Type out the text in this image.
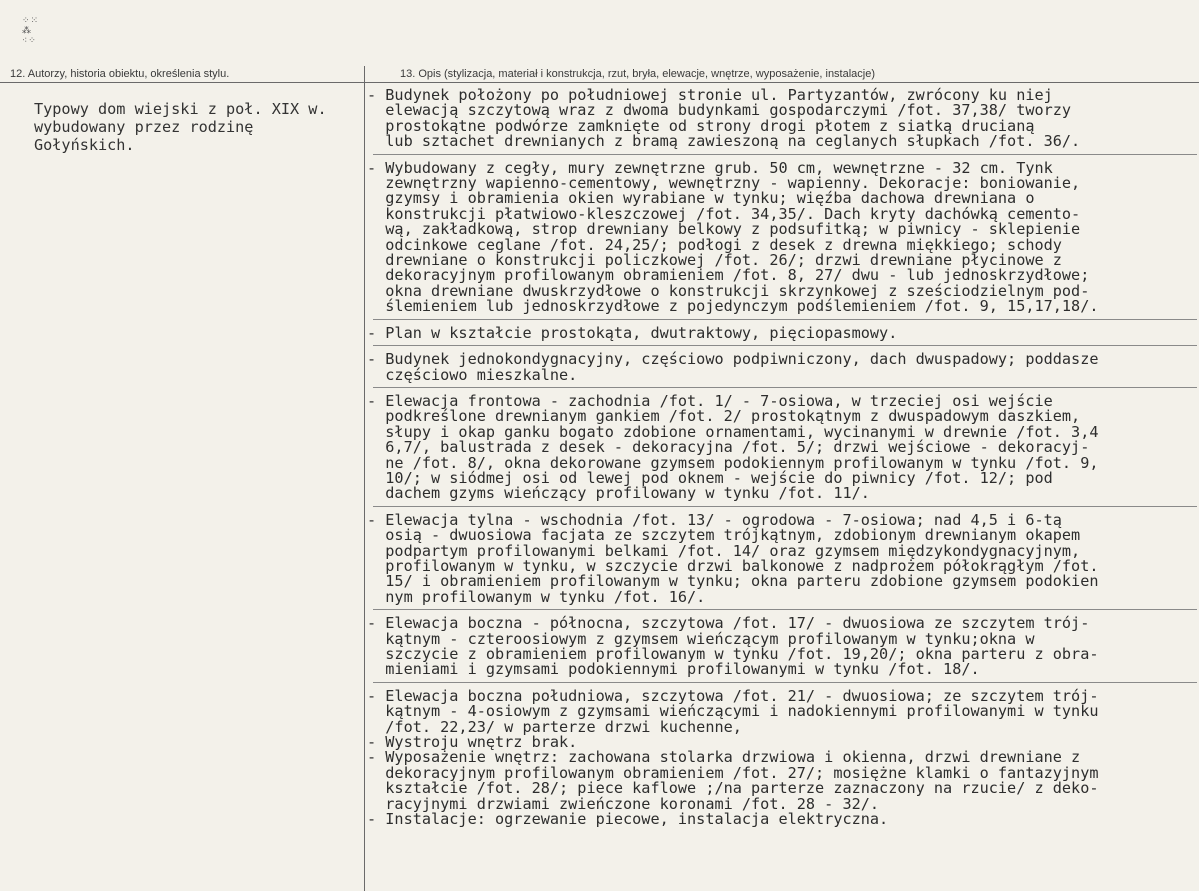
⁘⁙
⁂
⁖⁘
12. Autorzy, historia obiektu, określenia stylu.	13. Opis (stylizacja, materiał i konstrukcja, rzut, bryła, elewacje, wnętrze, wyposażenie, instalacje)
Typowy dom wiejski z poł. XIX w.
wybudowany przez rodzinę
Gołyńskich.

- Budynek położony po południowej stronie ul. Partyzantów, zwrócony ku niej
elewacją szczytową wraz z dwoma budynkami gospodarczymi /fot. 37,38/ tworzy
prostokątne podwórze zamknięte od strony drogi płotem z siatką drucianą
lub sztachet drewnianych z bramą zawieszoną na ceglanych słupkach /fot. 36/.

- Wybudowany z cegły, mury zewnętrzne grub. 50 cm, wewnętrzne - 32 cm. Tynk
zewnętrzny wapienno-cementowy, wewnętrzny - wapienny. Dekoracje: boniowanie,
gzymsy i obramienia okien wyrabiane w tynku; więźba dachowa drewniana o
konstrukcji płatwiowo-kleszczowej /fot. 34,35/. Dach kryty dachówką cemento-
wą, zakładkową, strop drewniany belkowy z podsufitką; w piwnicy - sklepienie
odcinkowe ceglane /fot. 24,25/; podłogi z desek z drewna miękkiego; schody
drewniane o konstrukcji policzkowej /fot. 26/; drzwi drewniane płycinowe z
dekoracyjnym profilowanym obramieniem /fot. 8, 27/ dwu - lub jednoskrzydłowe;
okna drewniane dwuskrzydłowe o konstrukcji skrzynkowej z sześciodzielnym pod-
ślemieniem lub jednoskrzydłowe z pojedynczym podślemieniem /fot. 9, 15,17,18/.

- Plan w kształcie prostokąta, dwutraktowy, pięciopasmowy.

- Budynek jednokondygnacyjny, częściowo podpiwniczony, dach dwuspadowy; poddasze
częściowo mieszkalne.

- Elewacja frontowa - zachodnia /fot. 1/ - 7-osiowa, w trzeciej osi wejście
podkreślone drewnianym gankiem /fot. 2/ prostokątnym z dwuspadowym daszkiem,
słupy i okap ganku bogato zdobione ornamentami, wycinanymi w drewnie /fot. 3,4
6,7/, balustrada z desek - dekoracyjna /fot. 5/; drzwi wejściowe - dekoracyj-
ne /fot. 8/, okna dekorowane gzymsem podokiennym profilowanym w tynku /fot. 9,
10/; w siódmej osi od lewej pod oknem - wejście do piwnicy /fot. 12/; pod
dachem gzyms wieńczący profilowany w tynku /fot. 11/.

- Elewacja tylna - wschodnia /fot. 13/ - ogrodowa - 7-osiowa; nad 4,5 i 6-tą
osią - dwuosiowa facjata ze szczytem trójkątnym, zdobionym drewnianym okapem
podpartym profilowanymi belkami /fot. 14/ oraz gzymsem międzykondygnacyjnym,
profilowanym w tynku, w szczycie drzwi balkonowe z nadprożem półokrągłym /fot.
15/ i obramieniem profilowanym w tynku; okna parteru zdobione gzymsem podokien
nym profilowanym w tynku /fot. 16/.

- Elewacja boczna - północna, szczytowa /fot. 17/ - dwuosiowa ze szczytem trój-
kątnym - czteroosiowym z gzymsem wieńczącym profilowanym w tynku;okna w
szczycie z obramieniem profilowanym w tynku /fot. 19,20/; okna parteru z obra-
mieniami i gzymsami podokiennymi profilowanymi w tynku /fot. 18/.

- Elewacja boczna południowa, szczytowa /fot. 21/ - dwuosiowa; ze szczytem trój-
kątnym - 4-osiowym z gzymsami wieńczącymi i nadokiennymi profilowanymi w tynku
/fot. 22,23/ w parterze drzwi kuchenne,

- Wystroju wnętrz brak.

- Wyposażenie wnętrz: zachowana stolarka drzwiowa i okienna, drzwi drewniane z
dekoracyjnym profilowanym obramieniem /fot. 27/; mosiężne klamki o fantazyjnym
kształcie /fot. 28/; piece kaflowe ;/na parterze zaznaczony na rzucie/ z deko-
racyjnymi drzwiami zwieńczone koronami /fot. 28 - 32/.

- Instalacje: ogrzewanie piecowe, instalacja elektryczna.
